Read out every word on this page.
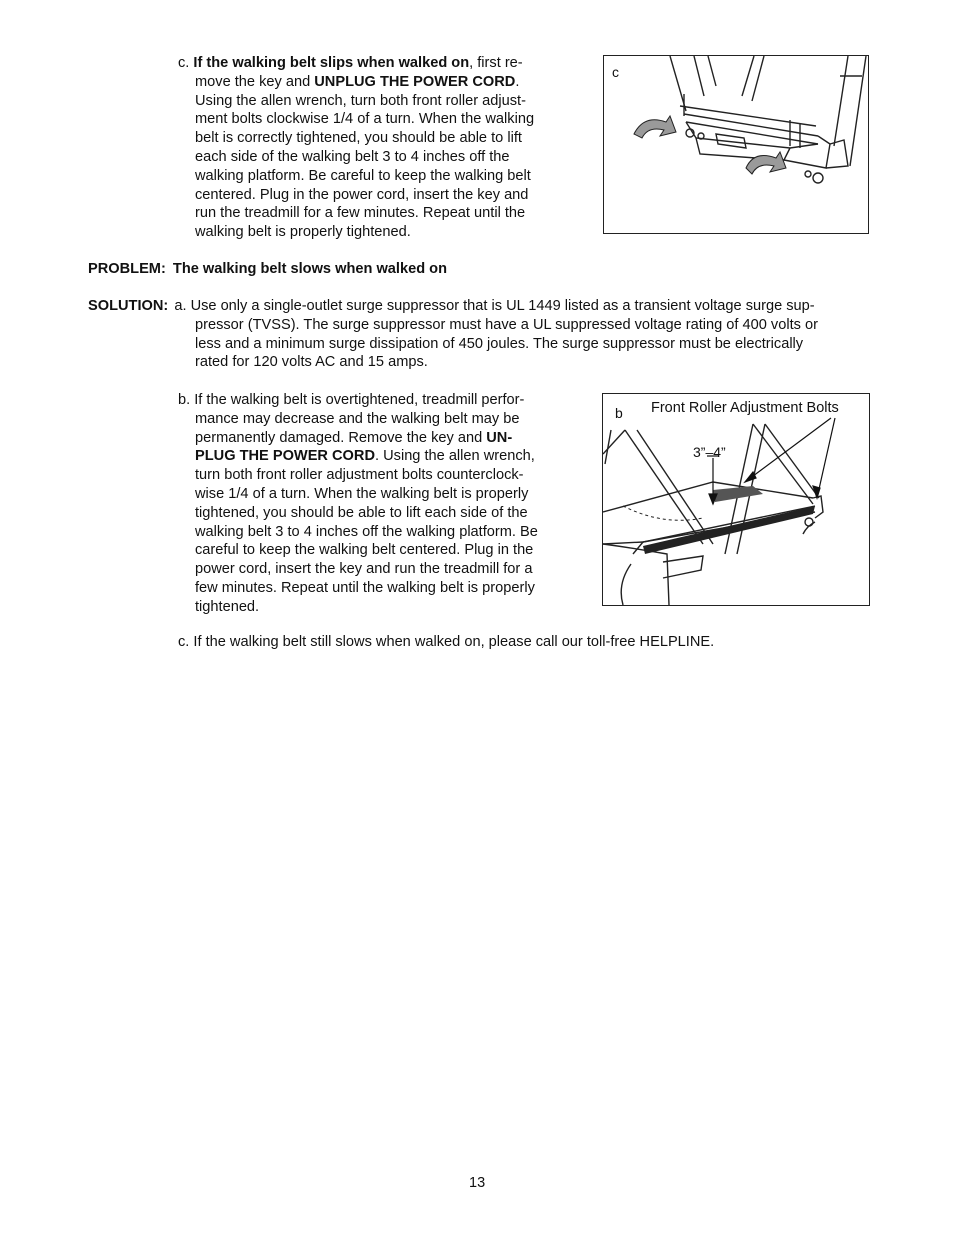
c. If the walking belt slips when walked on, first re-
move the key and UNPLUG THE POWER CORD.
Using the allen wrench, turn both front roller adjust-
ment bolts clockwise 1/4 of a turn. When the walking
belt is correctly tightened, you should be able to lift
each side of the walking belt 3 to 4 inches off the
walking platform. Be careful to keep the walking belt
centered. Plug in the power cord, insert the key and
run the treadmill for a few minutes. Repeat until the
walking belt is properly tightened.
c
PROBLEM: The walking belt slows when walked on
SOLUTION: a. Use only a single-outlet surge suppressor that is UL 1449 listed as a transient voltage surge sup-
pressor (TVSS). The surge suppressor must have a UL suppressed voltage rating of 400 volts or
less and a minimum surge dissipation of 450 joules. The surge suppressor must be electrically
rated for 120 volts AC and 15 amps.
b. If the walking belt is overtightened, treadmill perfor-
mance may decrease and the walking belt may be
permanently damaged. Remove the key and UN-
PLUG THE POWER CORD. Using the allen wrench,
turn both front roller adjustment bolts counterclock-
wise 1/4 of a turn. When the walking belt is properly
tightened, you should be able to lift each side of the
walking belt 3 to 4 inches off the walking platform. Be
careful to keep the walking belt centered. Plug in the
power cord, insert the key and run the treadmill for a
few minutes. Repeat until the walking belt is properly
tightened.
b Front Roller Adjustment Bolts
3”–4”
c. If the walking belt still slows when walked on, please call our toll-free HELPLINE.
13
